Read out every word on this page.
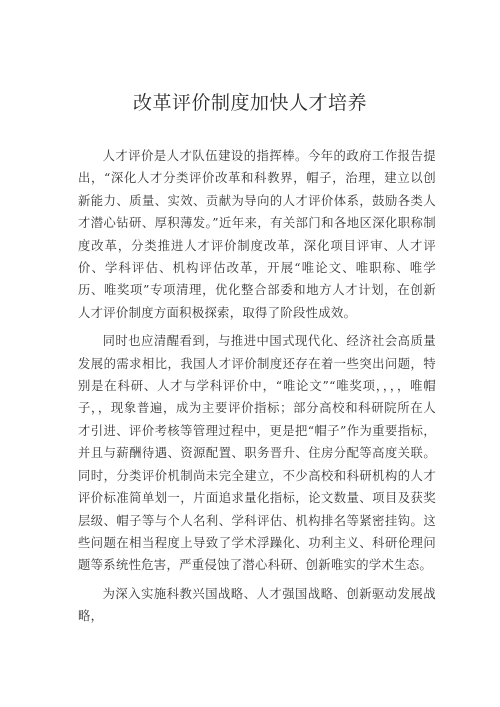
改革评价制度加快人才培养

人才评价是人才队伍建设的指挥棒。今年的政府工作报告提出，“深化人才分类评价改革和科教界，帽子，治理，建立以创新能力、质量、实效、贡献为导向的人才评价体系，鼓励各类人才潜心钻研、厚积薄发。”近年来，有关部门和各地区深化职称制度改革，分类推进人才评价制度改革，深化项目评审、人才评价、学科评估、机构评估改革，开展“唯论文、唯职称、唯学历、唯奖项”专项清理，优化整合部委和地方人才计划，在创新人才评价制度方面积极探索，取得了阶段性成效。

同时也应清醒看到，与推进中国式现代化、经济社会高质量发展的需求相比，我国人才评价制度还存在着一些突出问题，特别是在科研、人才与学科评价中，“唯论文”“唯奖项，，，，唯帽子，，现象普遍，成为主要评价指标；部分高校和科研院所在人才引进、评价考核等管理过程中，更是把“帽子”作为重要指标，并且与薪酬待遇、资源配置、职务晋升、住房分配等高度关联。同时，分类评价机制尚未完全建立，不少高校和科研机构的人才评价标准简单划一，片面追求量化指标，论文数量、项目及获奖层级、帽子等与个人名利、学科评估、机构排名等紧密挂钩。这些问题在相当程度上导致了学术浮躁化、功利主义、科研伦理问题等系统性危害，严重侵蚀了潜心科研、创新唯实的学术生态。

为深入实施科教兴国战略、人才强国战略、创新驱动发展战略，
